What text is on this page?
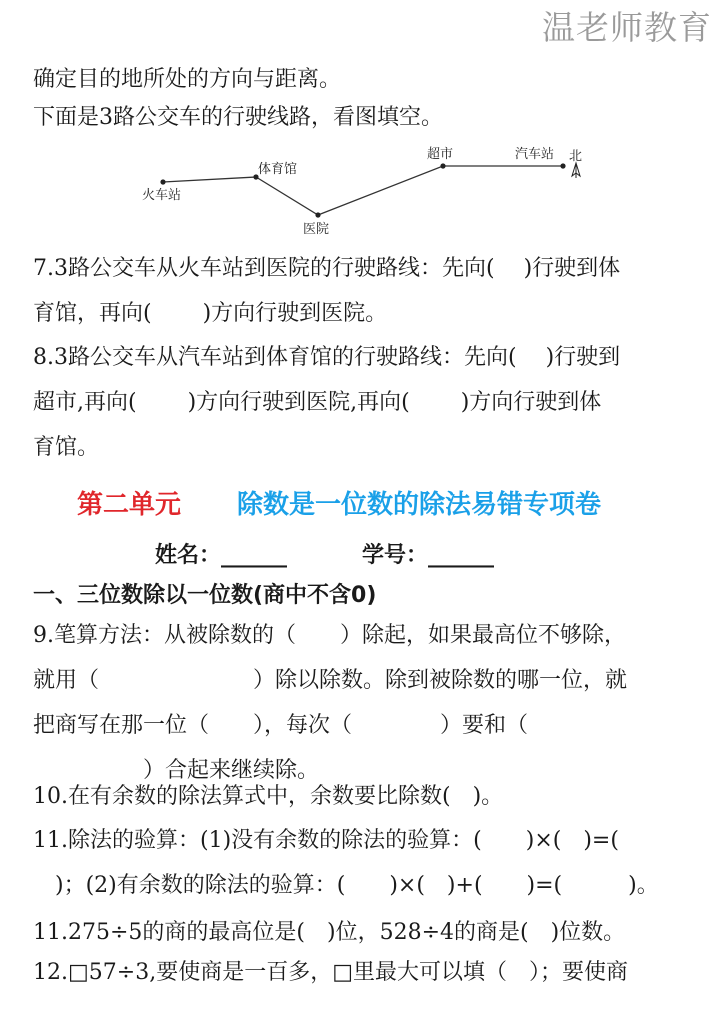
温老师教育
确定目的地所处的方向与距离。
下面是3路公交车的行驶线路，看图填空。
火车站
体育馆
医院
超市	汽车站 北

7.3路公交车从火车站到医院的行驶路线：先向(　 )行驶到体

育馆，再向(　　 )方向行驶到医院。

8.3路公交车从汽车站到体育馆的行驶路线：先向(　 )行驶到

超市,再向(　　 )方向行驶到医院,再向(　　 )方向行驶到体

育馆。

第二单元 除数是一位数的除法易错专项卷
姓名：______	学号：______
一、三位数除以一位数(商中不含0)

9.笔算方法：从被除数的（　　）除起，如果最高位不够除，

就用（　　　　　　　）除以除数。除到被除数的哪一位，就

把商写在那一位（　　），每次（　　　　）要和（

　　　　　）合起来继续除。

10.在有余数的除法算式中，余数要比除数(　)。

11.除法的验算：(1)没有余数的除法的验算：(　　)×(　)=(

　)；(2)有余数的除法的验算：(　　)×(　)+(　　)=(　　　)。

11.275÷5的商的最高位是(　)位，528÷4的商是(　)位数。

12.□57÷3,要使商是一百多，□里最大可以填（　）；要使商
